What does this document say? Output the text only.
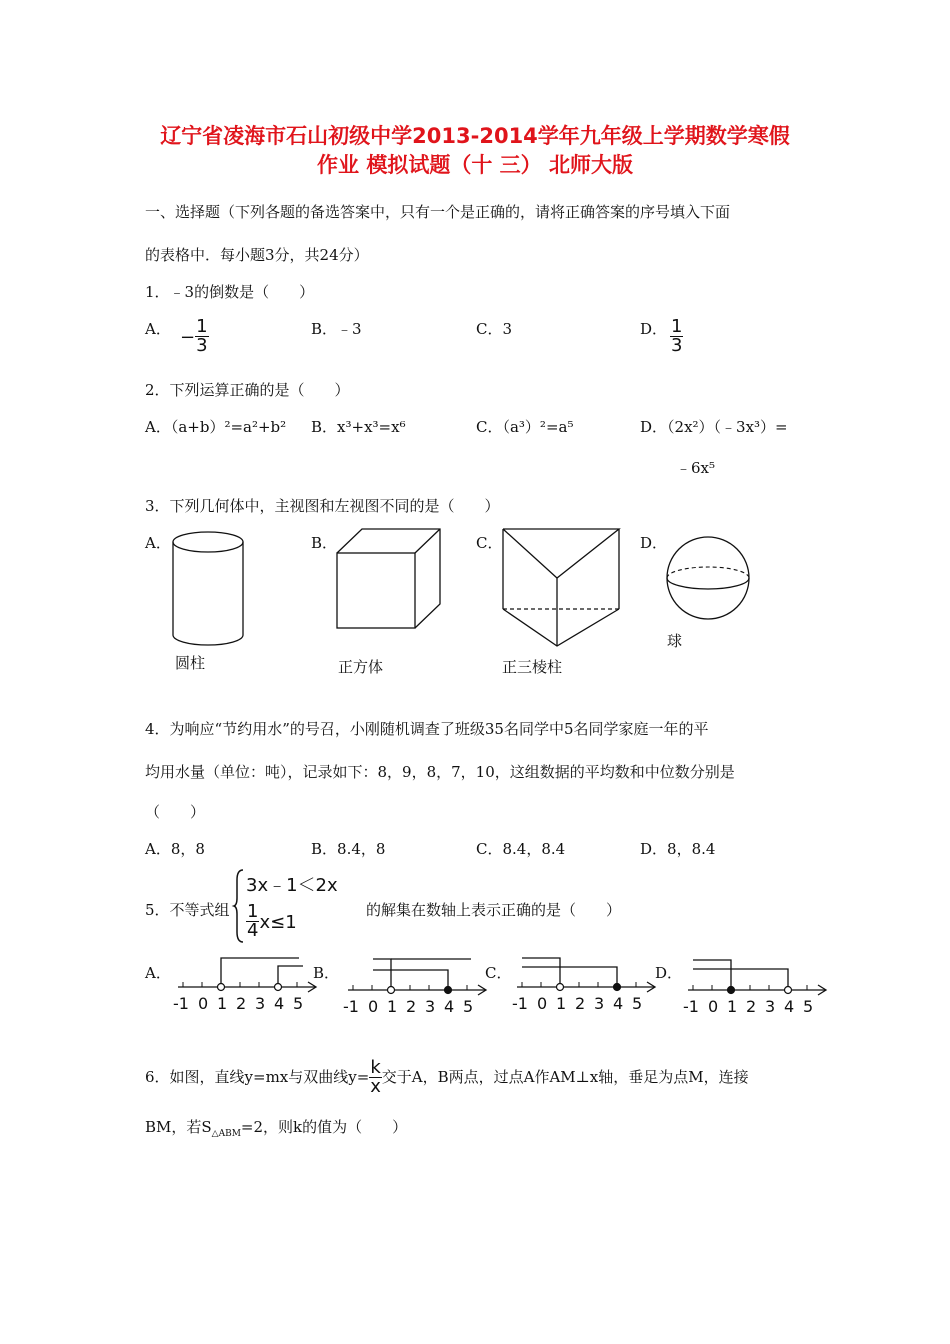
辽宁省凌海市石山初级中学2013-2014学年九年级上学期数学寒假
作业 模拟试题（十 三） 北师大版
一、选择题（下列各题的备选答案中，只有一个是正确的，请将正确答案的序号填入下面
的表格中．每小题3分，共24分）
1．﹣3的倒数是（　　）
A． − $\frac{1}{3}$	B．﹣3	C．3	D． $\frac{1}{3}$
2．下列运算正确的是（　　）
A．（a+b）²=a²+b² B．x³+x³=x⁶	C．（a³）²=a⁵	D．（2x²）（﹣3x³）=
﹣6x⁵
3．下列几何体中，主视图和左视图不同的是（　　）
A．	B．	C．	D．
圆柱	正方体	正三棱柱
球
4．为响应“节约用水”的号召，小刚随机调查了班级35名同学中5名同学家庭一年的平
均用水量（单位：吨），记录如下：8，9，8，7，10，这组数据的平均数和中位数分别是
（　　）
A．8，8	B．8.4，8	C．8.4，8.4	D．8，8.4
5．不等式组
3x﹣1＜2x
$\frac{1}{4} x\le 1$
的解集在数轴上表示正确的是（　　）
A．	B．	C．	D．
-1 0 1 2 3 4 5 -1 0 1 2 3 4 5 -1 0 1 2 3 4 5	-1 0 1 2 3 4 5
6．如图，直线y=mx与双曲线$y= \frac{k}{x}$ 交于A，B两点，过点A作AM⊥x轴，垂足为点M，连接
BM，若$S_{\triangle ABM}=2$，则k的值为（　　）
